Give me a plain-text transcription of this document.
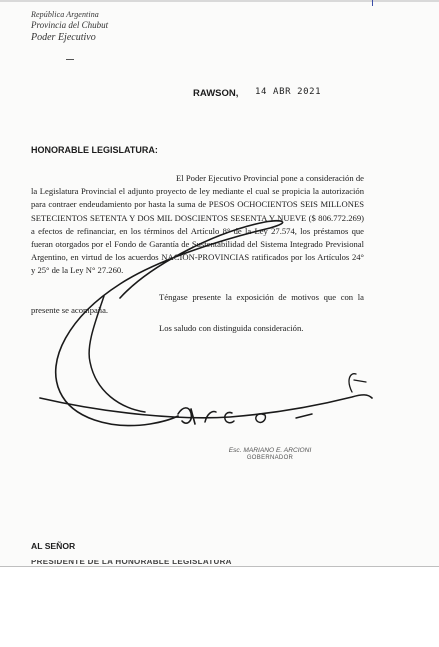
República Argentina
Provincia del Chubut
Poder Ejecutivo
RAWSON, 14 ABR 2021
HONORABLE LEGISLATURA:

El Poder Ejecutivo Provincial pone a consideración de la Legislatura Provincial el adjunto proyecto de ley mediante el cual se propicia la autorización para contraer endeudamiento por hasta la suma de PESOS OCHOCIENTOS SEIS MILLONES SETECIENTOS SETENTA Y DOS MIL DOSCIENTOS SESENTA Y NUEVE ($ 806.772.269) a efectos de refinanciar, en los términos del Artículo 8° de la Ley 27.574, los préstamos que fueran otorgados por el Fondo de Garantía de Sustentabilidad del Sistema Integrado Previsional Argentino, en virtud de los acuerdos NACIÓN-PROVINCIAS ratificados por los Artículos 24° y 25° de la Ley N° 27.260.

Téngase presente la exposición de motivos que con la presente se acompaña.

Los saludo con distinguida consideración.

Esc. MARIANO E. ARCIONI
GOBERNADOR
AL SEÑOR
PRESIDENTE DE LA HONORABLE LEGISLATURA
